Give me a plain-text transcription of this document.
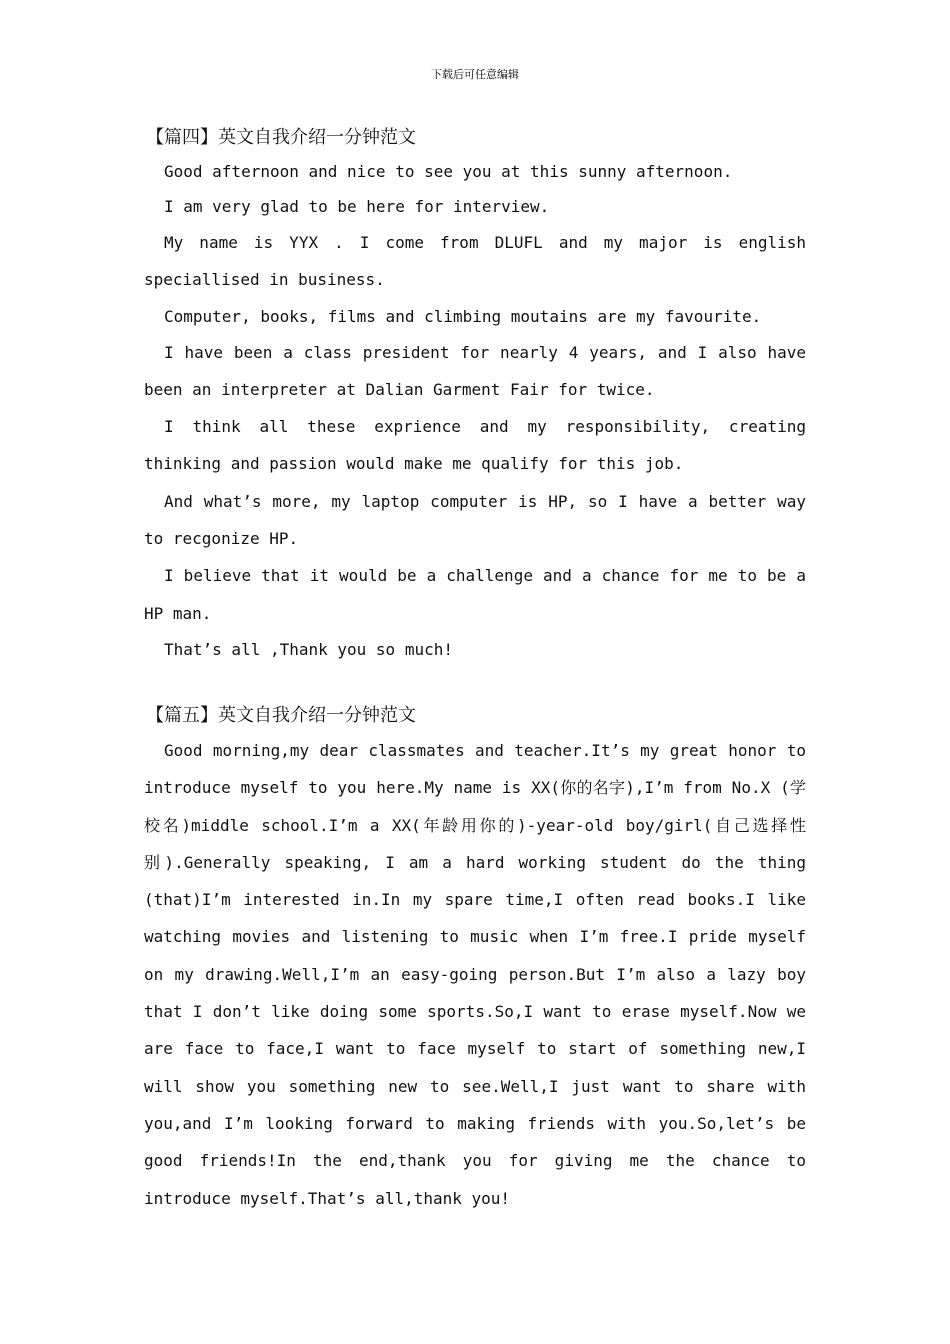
下载后可任意编辑
【篇四】英文自我介绍一分钟范文

Good afternoon and nice to see you at this sunny afternoon.

I am very glad to be here for interview.

My name is YYX . I come from DLUFL and my major is english speciallised in business.

Computer, books, films and climbing moutains are my favourite.

I have been a class president for nearly 4 years, and I also have been an interpreter at Dalian Garment Fair for twice.

I think all these exprience and my responsibility, creating thinking and passion would make me qualify for this job.

And what’s more, my laptop computer is HP, so I have a better way to recgonize HP.

I believe that it would be a challenge and a chance for me to be a HP man.

That’s all ,Thank you so much!

【篇五】英文自我介绍一分钟范文

Good morning,my dear classmates and teacher.It’s my great honor to introduce myself to you here.My name is XX(你的名字),I’m from No.X (学校名)middle school.I’m a XX(年龄用你的)-year-old boy/girl(自己选择性别).Generally speaking, I am a hard working student do the thing (that)I’m interested in.In my spare time,I often read books.I like watching movies and listening to music when I’m free.I pride myself on my drawing.Well,I’m an easy-going person.But I’m also a lazy boy that I don’t like doing some sports.So,I want to erase myself.Now we are face to face,I want to face myself to start of something new,I will show you something new to see.Well,I just want to share with you,and I’m looking forward to making friends with you.So,let’s be good friends!In the end,thank you for giving me the chance to introduce myself.That’s all,thank you!
